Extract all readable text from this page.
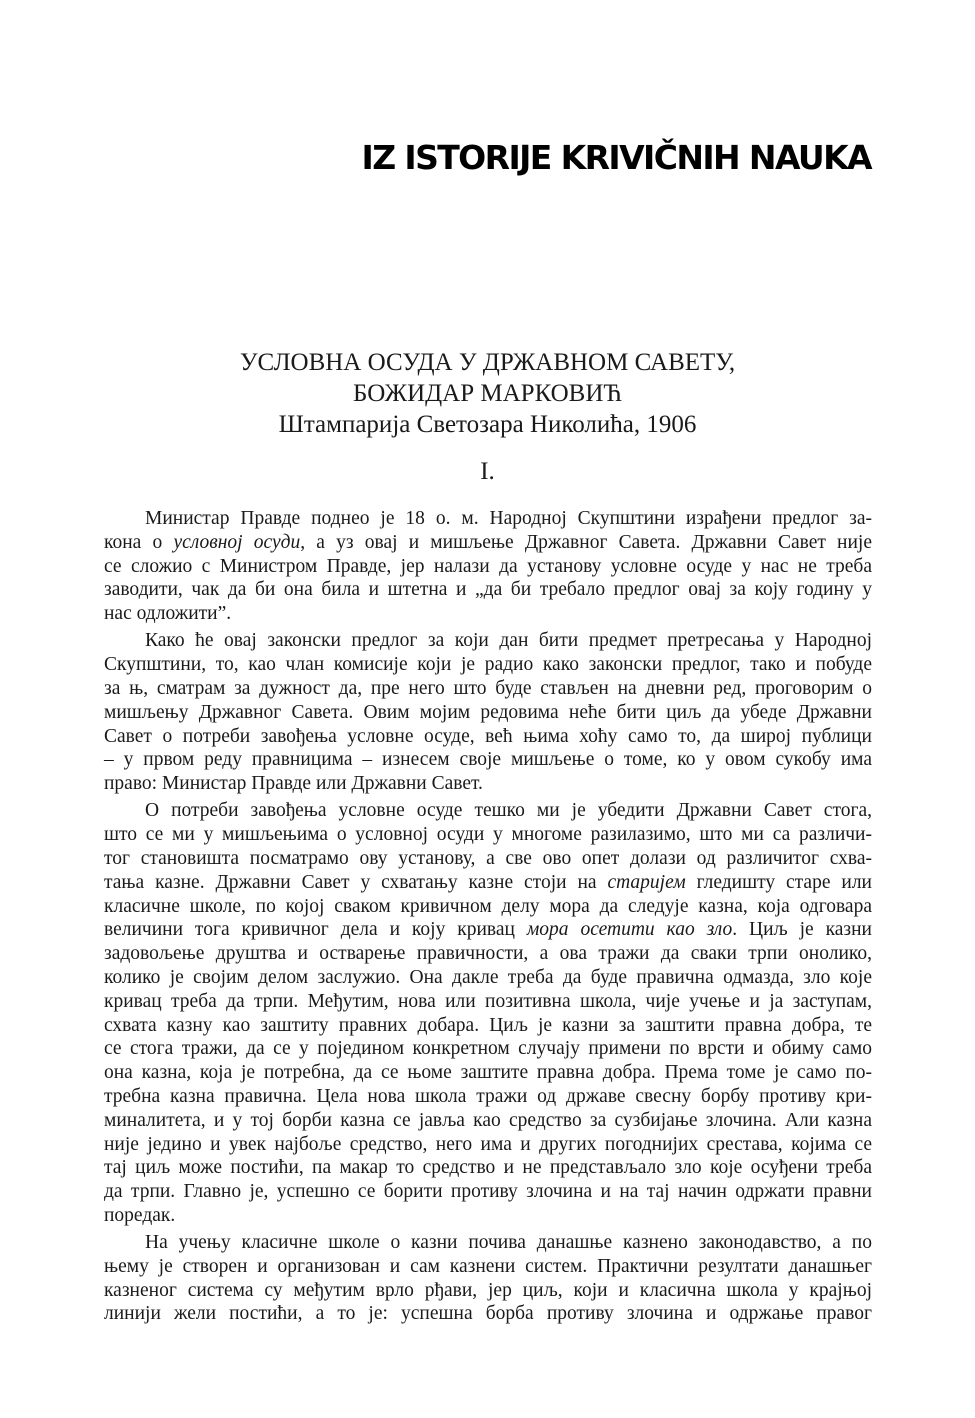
IZ ISTORIJE KRIVIČNIH NAUKA
УСЛОВНА ОСУДА У ДРЖАВНОМ САВЕТУ,
БОЖИДАР МАРКОВИЋ
Штампарија Светозара Николића, 1906
I.
Министар Правде поднео је 18 о. м. Народној Скупштини израђени предлог за-
кона о условној осуди, а уз овај и мишљење Државног Савета. Државни Савет није
се сложио с Министром Правде, јер налази да установу условне осуде у нас не треба
заводити, чак да би она била и штетна и „да би требало предлог овај за коју годину у
нас одложити”.
Како ће овај законски предлог за који дан бити предмет претресања у Народној
Скупштини, то, као члан комисије који је радио како законски предлог, тако и побуде
за њ, сматрам за дужност да, пре него што буде стављен на дневни ред, проговорим о
мишљењу Државног Савета. Овим мојим редовима неће бити циљ да убеде Државни
Савет о потреби завођења условне осуде, већ њима хоћу само то, да широј публици
– у првом реду правницима – изнесем своје мишљење о томе, ко у овом сукобу има
право: Министар Правде или Државни Савет.
О потреби завођења условне осуде тешко ми је убедити Државни Савет стога,
што се ми у мишљењима о условној осуди у многоме разилазимо, што ми са различи-
тог становишта посматрамо ову установу, а све ово опет долази од различитог схва-
тања казне. Државни Савет у схватању казне стоји на старијем гледишту старе или
класичне школе, по којој сваком кривичном делу мора да следује казна, која одговара
величини тога кривичног дела и коју кривац мора осетити као зло. Циљ је казни
задовољење друштва и остварење правичности, а ова тражи да сваки трпи онолико,
колико је својим делом заслужио. Она дакле треба да буде правична одмазда, зло које
кривац треба да трпи. Међутим, нова или позитивна школа, чије учење и ја заступам,
схвата казну као заштиту правних добара. Циљ је казни за заштити правна добра, те
се стога тражи, да се у појединoм конкретном случају примени по врсти и обиму само
она казна, која је потребна, да се њоме заштите правна добра. Према томе је само по-
требна казна правична. Цела нова школа тражи од државе свесну борбу противу кри-
миналитета, и у тој борби казна се јавља као средство за сузбијање злочина. Али казна
није једино и увек најбоље средство, него има и других погоднијих срестава, којима се
тај циљ може постићи, па макар то средство и не представљало зло које осуђени треба
да трпи. Главно је, успешно се борити противу злочина и на тај начин одржати правни
поредак.
На учењу класичне школе о казни почива данашње казнено законодавство, а по
њему је створен и организован и сам казнени систем. Практични резултати данашњег
казненог система су међутим врло рђави, јер циљ, који и класична школа у крајњој
линији жели постићи, а то је: успешна борба противу злочина и одржање правог
